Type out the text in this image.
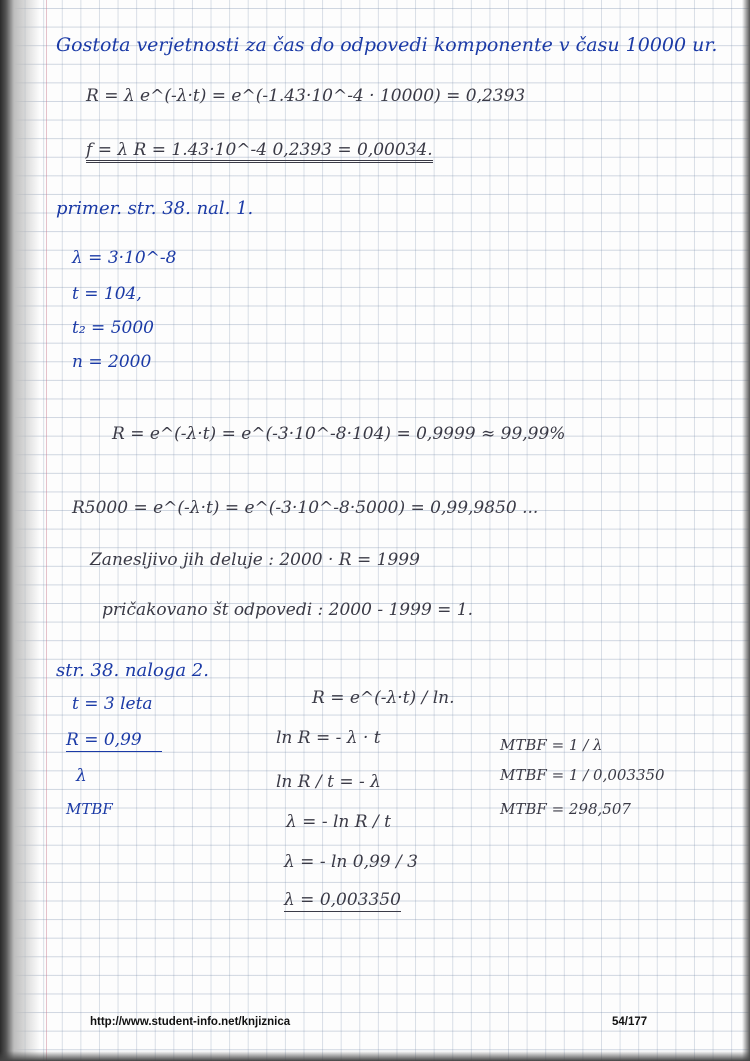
Gostota verjetnosti za čas do odpovedi komponente v času 10000 ur.
R = λ e^(-λ·t) = e^(-1.43·10^-4 · 10000) = 0,2393
f = λ R = 1.43·10^-4 0,2393 = 0,00034.
primer. str. 38. nal. 1.
λ = 3·10^-8
t = 104,
t₂ = 5000
n = 2000
R = e^(-λ·t) = e^(-3·10^-8·104) = 0,9999 ≈ 99,99%
R5000 = e^(-λ·t) = e^(-3·10^-8·5000) = 0,99,9850 ...
Zanesljivo jih deluje : 2000 · R = 1999
pričakovano št odpovedi : 2000 - 1999 = 1.
str. 38. naloga 2.
t = 3 leta
R = 0,99
λ
MTBF
R = e^(-λ·t) / ln.
ln R = - λ · t
ln R / t = - λ
λ = - ln R / t
λ = - ln 0,99 / 3
λ = 0,003350
MTBF = 1 / λ
MTBF = 1 / 0,003350
MTBF = 298,507
http://www.student-info.net/knjiznica	54/177
